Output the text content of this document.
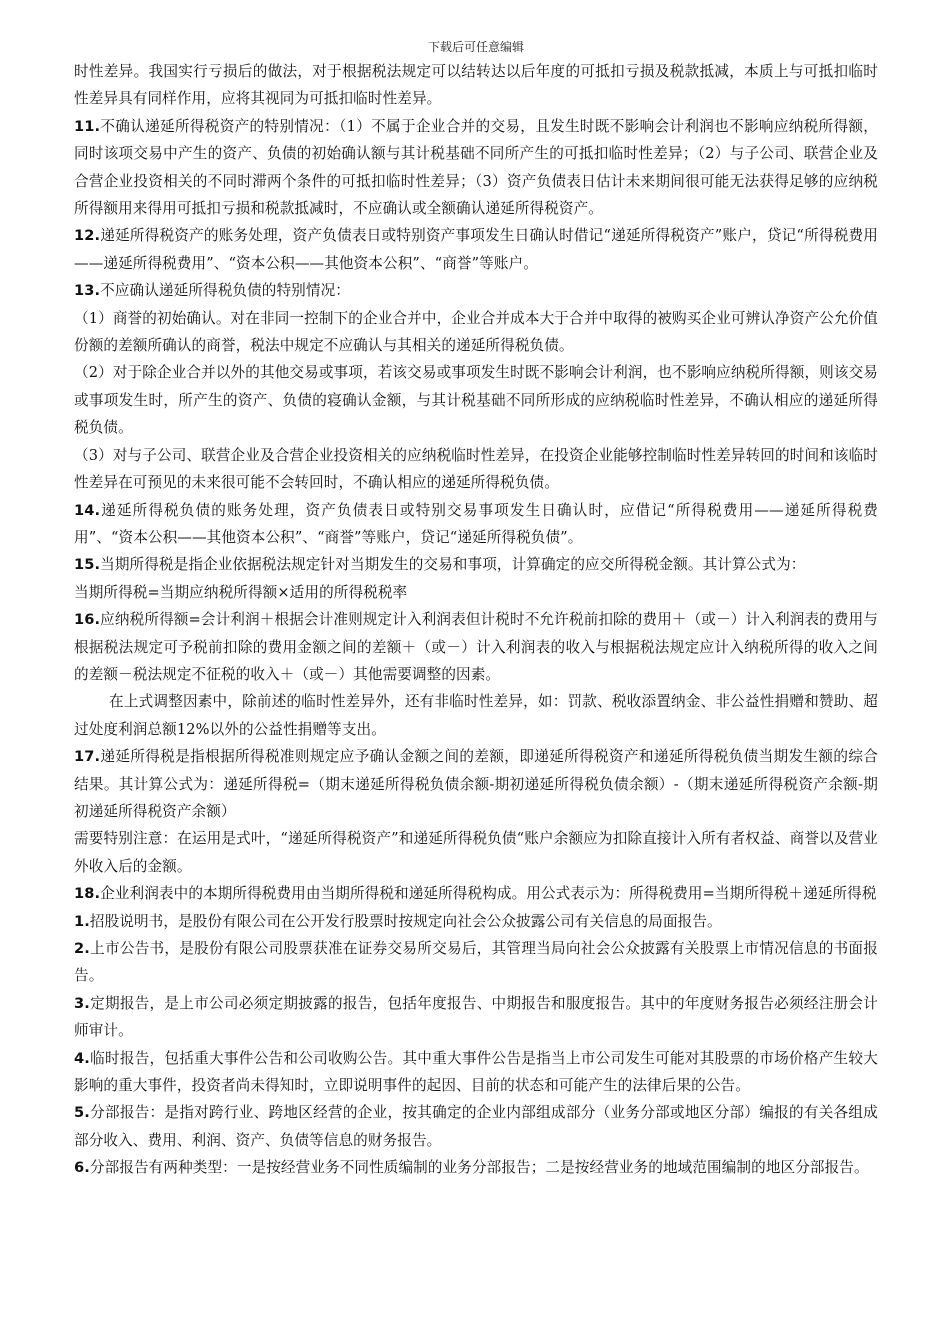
下载后可任意编辑

时性差异。我国实行亏损后的做法，对于根据税法规定可以结转达以后年度的可抵扣亏损及税款抵减，本质上与可抵扣临时性差异具有同样作用，应将其视同为可抵扣临时性差异。

11.不确认递延所得税资产的特别情况：（1）不属于企业合并的交易，且发生时既不影响会计利润也不影响应纳税所得额，同时该项交易中产生的资产、负债的初始确认额与其计税基础不同所产生的可抵扣临时性差异；（2）与子公司、联营企业及合营企业投资相关的不同时滞两个条件的可抵扣临时性差异；（3）资产负债表日估计未来期间很可能无法获得足够的应纳税所得额用来得用可抵扣亏损和税款抵减时，不应确认或全额确认递延所得税资产。

12.递延所得税资产的账务处理，资产负债表日或特别资产事项发生日确认时借记“递延所得税资产”账户，贷记“所得税费用——递延所得税费用”、“资本公积——其他资本公积”、“商誉”等账户。

13.不应确认递延所得税负债的特别情况：

（1）商誉的初始确认。对在非同一控制下的企业合并中，企业合并成本大于合并中取得的被购买企业可辨认净资产公允价值份额的差额所确认的商誉，税法中规定不应确认与其相关的递延所得税负债。

（2）对于除企业合并以外的其他交易或事项，若该交易或事项发生时既不影响会计利润，也不影响应纳税所得额，则该交易或事项发生时，所产生的资产、负债的寝确认金额，与其计税基础不同所形成的应纳税临时性差异，不确认相应的递延所得税负债。

（3）对与子公司、联营企业及合营企业投资相关的应纳税临时性差异，在投资企业能够控制临时性差异转回的时间和该临时性差异在可预见的未来很可能不会转回时，不确认相应的递延所得税负债。

14.递延所得税负债的账务处理，资产负债表日或特别交易事项发生日确认时，应借记“所得税费用——递延所得税费用”、“资本公积——其他资本公积”、“商誉”等账户，贷记“递延所得税负债”。

15.当期所得税是指企业依据税法规定针对当期发生的交易和事项，计算确定的应交所得税金额。其计算公式为：

当期所得税=当期应纳税所得额×适用的所得税税率

16.应纳税所得额=会计利润＋根据会计准则规定计入利润表但计税时不允许税前扣除的费用＋（或－）计入利润表的费用与根据税法规定可予税前扣除的费用金额之间的差额＋（或－）计入利润表的收入与根据税法规定应计入纳税所得的收入之间的差额－税法规定不征税的收入＋（或－）其他需要调整的因素。

在上式调整因素中，除前述的临时性差异外，还有非临时性差异，如：罚款、税收添置纳金、非公益性捐赠和赞助、超过处度利润总额12%以外的公益性捐赠等支出。

17.递延所得税是指根据所得税准则规定应予确认金额之间的差额，即递延所得税资产和递延所得税负债当期发生额的综合结果。其计算公式为：递延所得税=（期末递延所得税负债余额-期初递延所得税负债余额）-（期末递延所得税资产余额-期初递延所得税资产余额）

需要特别注意：在运用是式叶，“递延所得税资产”和递延所得税负债“账户余额应为扣除直接计入所有者权益、商誉以及营业外收入后的金额。

18.企业利润表中的本期所得税费用由当期所得税和递延所得税构成。用公式表示为：所得税费用=当期所得税＋递延所得税

1.招股说明书，是股份有限公司在公开发行股票时按规定向社会公众披露公司有关信息的局面报告。

2.上市公告书，是股份有限公司股票获准在证券交易所交易后，其管理当局向社会公众披露有关股票上市情况信息的书面报告。

3.定期报告，是上市公司必须定期披露的报告，包括年度报告、中期报告和服度报告。其中的年度财务报告必须经注册会计师审计。

4.临时报告，包括重大事件公告和公司收购公告。其中重大事件公告是指当上市公司发生可能对其股票的市场价格产生较大影响的重大事件，投资者尚未得知时，立即说明事件的起因、目前的状态和可能产生的法律后果的公告。

5.分部报告：是指对跨行业、跨地区经营的企业，按其确定的企业内部组成部分（业务分部或地区分部）编报的有关各组成部分收入、费用、利润、资产、负债等信息的财务报告。

6.分部报告有两种类型：一是按经营业务不同性质编制的业务分部报告；二是按经营业务的地域范围编制的地区分部报告。
